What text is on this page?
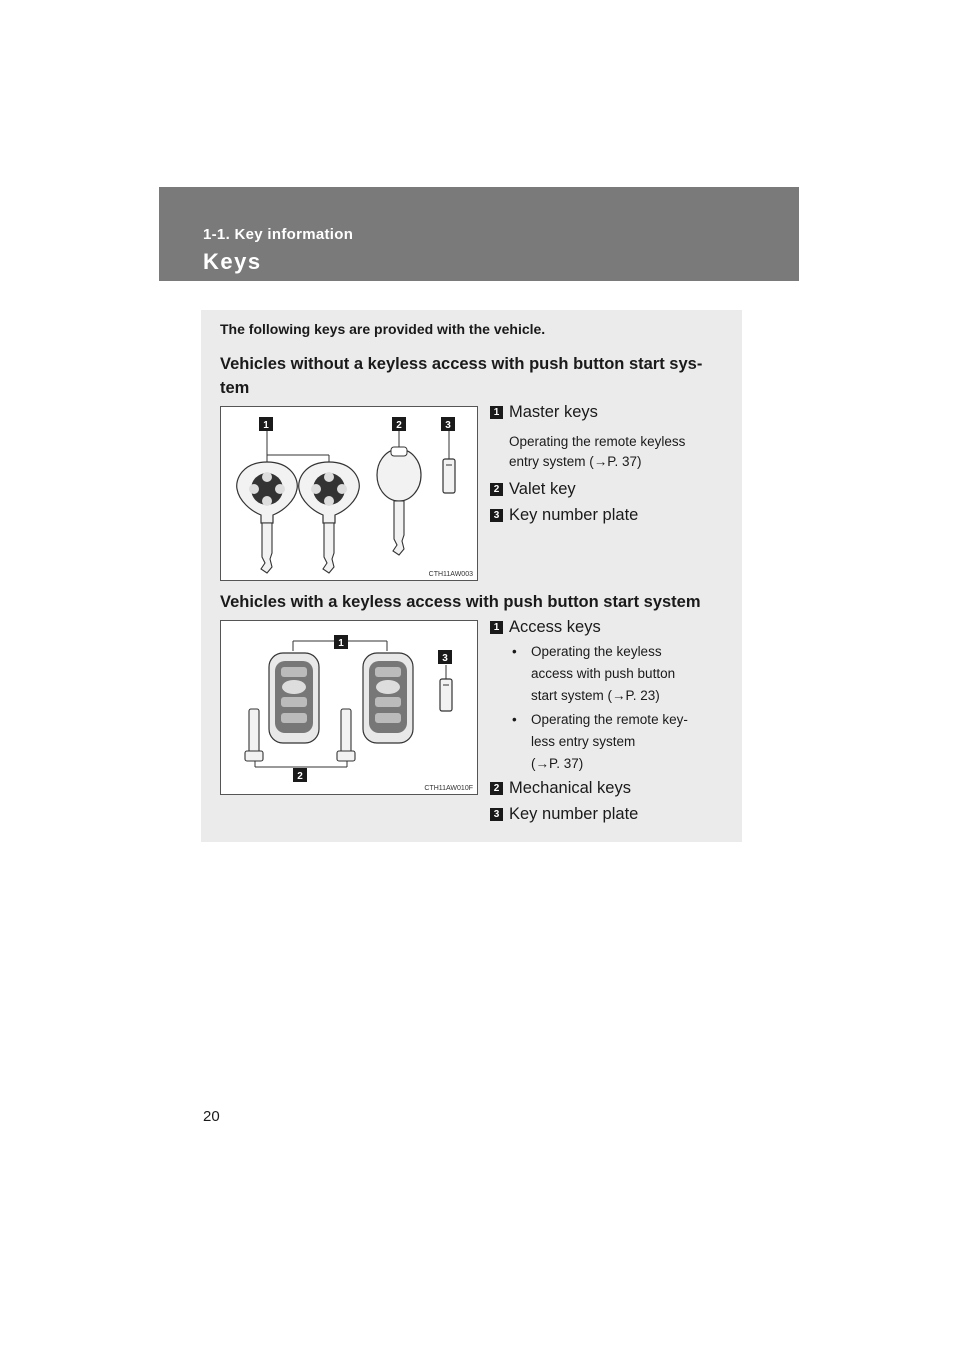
1-1. Key information
Keys
The following keys are provided with the vehicle.
Vehicles without a keyless access with push button start sys-
tem
1	2	3
CTH11AW003
1 Master keys
Operating the remote keyless
entry system (→P. 37)
2 Valet key
3 Key number plate
Vehicles with a keyless access with push button start system
1
2
3
CTH11AW010F
1 Access keys
• Operating the keyless
access with push button
start system (→P. 23)
• Operating the remote key-
less entry system
(→P. 37)
2 Mechanical keys
3 Key number plate
20
